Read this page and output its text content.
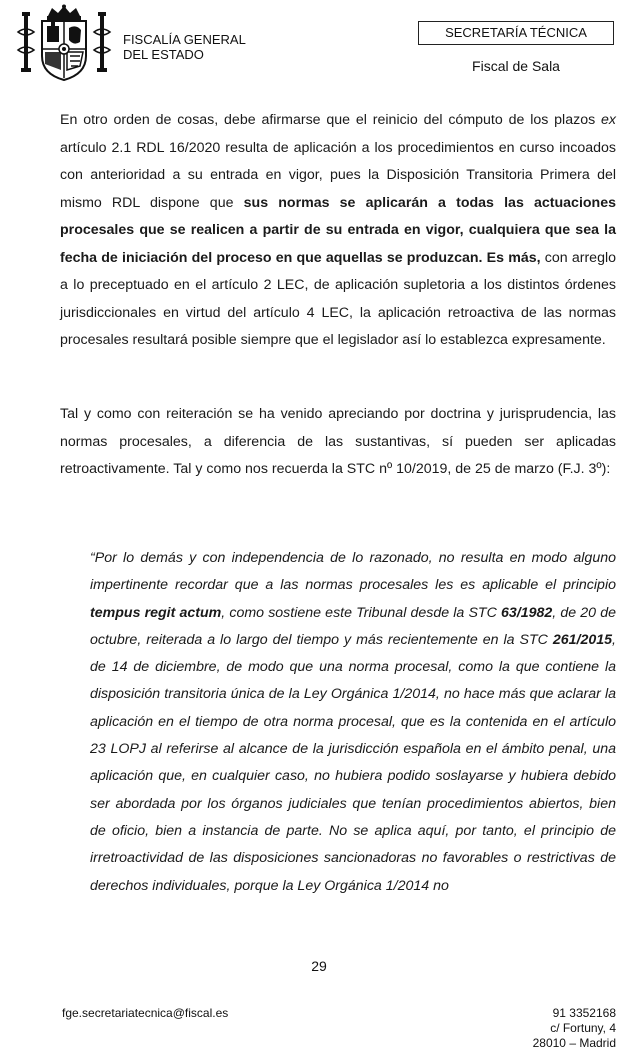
FISCALÍA GENERAL
DEL ESTADO
SECRETARÍA TÉCNICA
Fiscal de Sala
En otro orden de cosas, debe afirmarse que el reinicio del cómputo de los plazos ex artículo 2.1 RDL 16/2020 resulta de aplicación a los procedimientos en curso incoados con anterioridad a su entrada en vigor, pues la Disposición Transitoria Primera del mismo RDL dispone que sus normas se aplicarán a todas las actuaciones procesales que se realicen a partir de su entrada en vigor, cualquiera que sea la fecha de iniciación del proceso en que aquellas se produzcan. Es más, con arreglo a lo preceptuado en el artículo 2 LEC, de aplicación supletoria a los distintos órdenes jurisdiccionales en virtud del artículo 4 LEC, la aplicación retroactiva de las normas procesales resultará posible siempre que el legislador así lo establezca expresamente.
Tal y como con reiteración se ha venido apreciando por doctrina y jurisprudencia, las normas procesales, a diferencia de las sustantivas, sí pueden ser aplicadas retroactivamente. Tal y como nos recuerda la STC nº 10/2019, de 25 de marzo (F.J. 3º):
“Por lo demás y con independencia de lo razonado, no resulta en modo alguno impertinente recordar que a las normas procesales les es aplicable el principio tempus regit actum, como sostiene este Tribunal desde la STC 63/1982, de 20 de octubre, reiterada a lo largo del tiempo y más recientemente en la STC 261/2015, de 14 de diciembre, de modo que una norma procesal, como la que contiene la disposición transitoria única de la Ley Orgánica 1/2014, no hace más que aclarar la aplicación en el tiempo de otra norma procesal, que es la contenida en el artículo 23 LOPJ al referirse al alcance de la jurisdicción española en el ámbito penal, una aplicación que, en cualquier caso, no hubiera podido soslayarse y hubiera debido ser abordada por los órganos judiciales que tenían procedimientos abiertos, bien de oficio, bien a instancia de parte. No se aplica aquí, por tanto, el principio de irretroactividad de las disposiciones sancionadoras no favorables o restrictivas de derechos individuales, porque la Ley Orgánica 1/2014 no
29
fge.secretariatecnica@fiscal.es	91 3352168
c/ Fortuny, 4
28010 – Madrid
